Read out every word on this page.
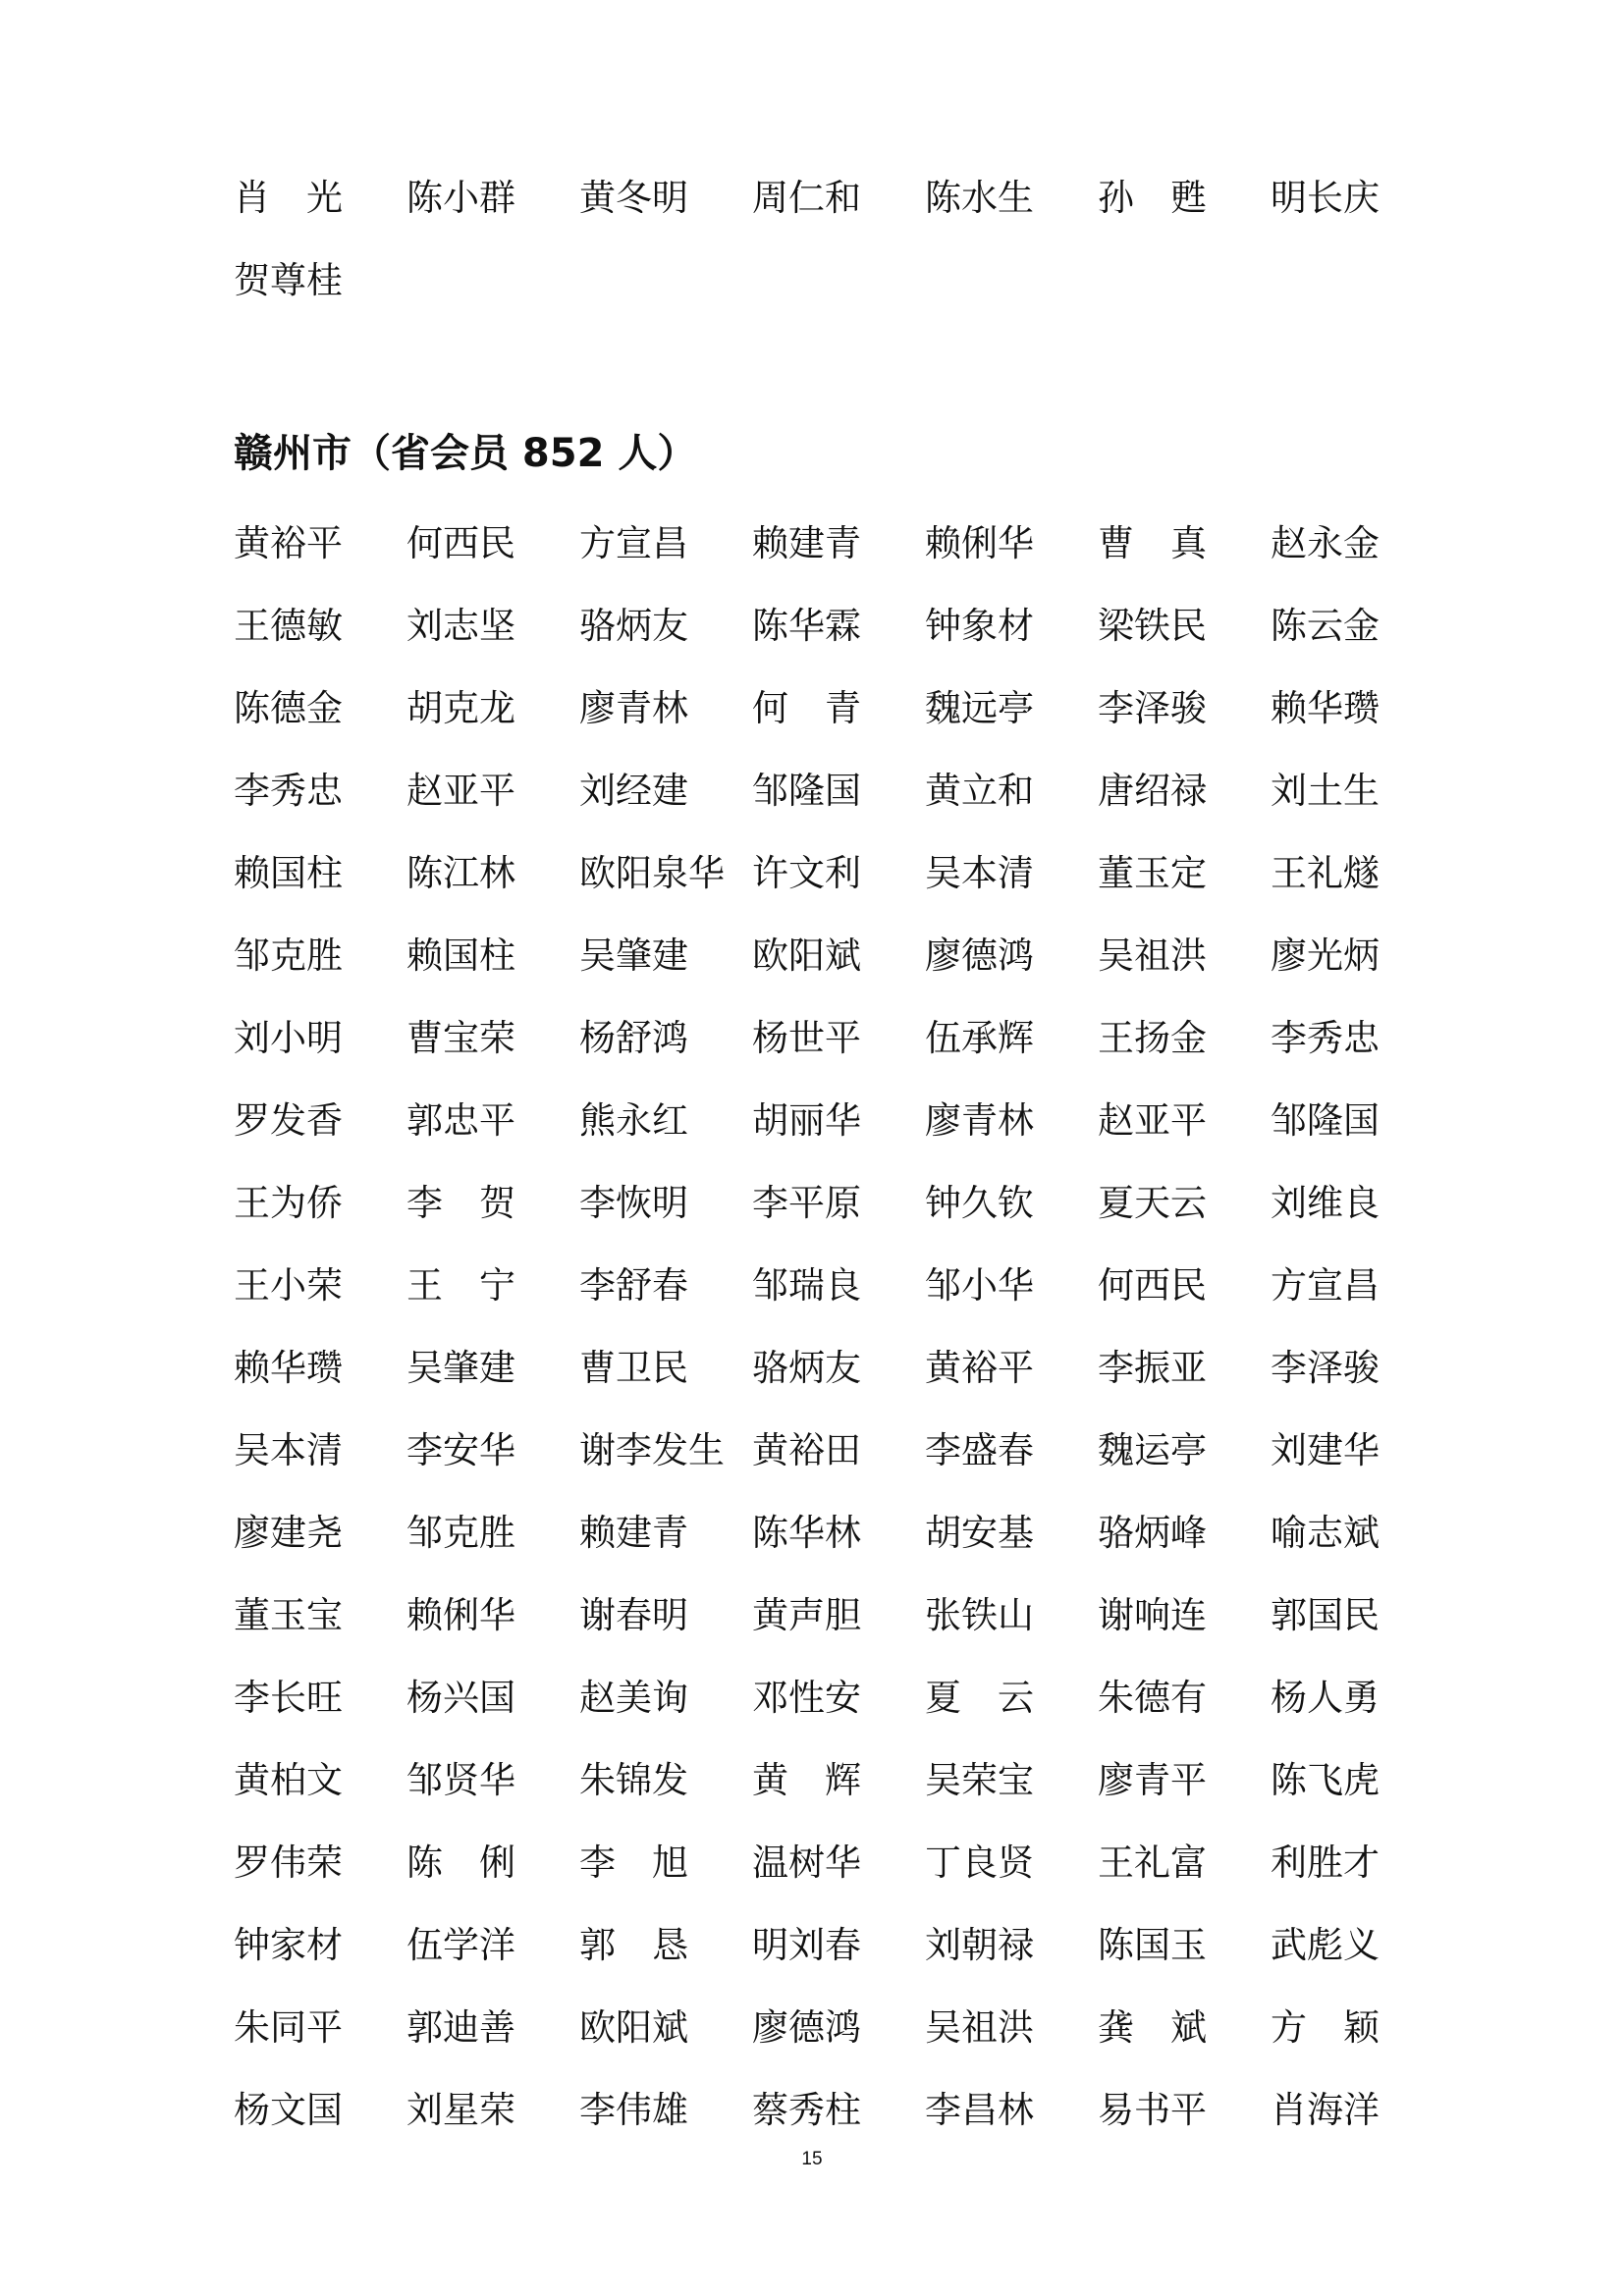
肖　光 陈小群 黄冬明 周仁和 陈水生 孙　甦 明长庆
贺尊桂
赣州市（省会员 852 人）
黄裕平 何西民 方宣昌 赖建青 赖俐华 曹　真 赵永金
王德敏 刘志坚 骆炳友 陈华霖 钟象材 梁铁民 陈云金
陈德金 胡克龙 廖青林 何　青 魏远亭 李泽骏 赖华瓒
李秀忠 赵亚平 刘经建 邹隆国 黄立和 唐绍禄 刘土生
赖国柱 陈江林 欧阳泉华 许文利 吴本清 董玉定 王礼燧
邹克胜 赖国柱 吴肇建 欧阳斌 廖德鸿 吴祖洪 廖光炳
刘小明 曹宝荣 杨舒鸿 杨世平 伍承辉 王扬金 李秀忠
罗发香 郭忠平 熊永红 胡丽华 廖青林 赵亚平 邹隆国
王为侨 李　贺 李恢明 李平原 钟久钦 夏天云 刘维良
王小荣 王　宁 李舒春 邹瑞良 邹小华 何西民 方宣昌
赖华瓒 吴肇建 曹卫民 骆炳友 黄裕平 李振亚 李泽骏
吴本清 李安华 谢李发生 黄裕田 李盛春 魏运亭 刘建华
廖建尧 邹克胜 赖建青 陈华林 胡安基 骆炳峰 喻志斌
董玉宝 赖俐华 谢春明 黄声胆 张铁山 谢响连 郭国民
李长旺 杨兴国 赵美询 邓性安 夏　云 朱德有 杨人勇
黄柏文 邹贤华 朱锦发 黄　辉 吴荣宝 廖青平 陈飞虎
罗伟荣 陈　俐 李　旭 温树华 丁良贤 王礼富 利胜才
钟家材 伍学洋 郭　恳 明刘春 刘朝禄 陈国玉 武彪义
朱同平 郭迪善 欧阳斌 廖德鸿 吴祖洪 龚　斌 方　颖
杨文国 刘星荣 李伟雄 蔡秀柱 李昌林 易书平 肖海洋
15
